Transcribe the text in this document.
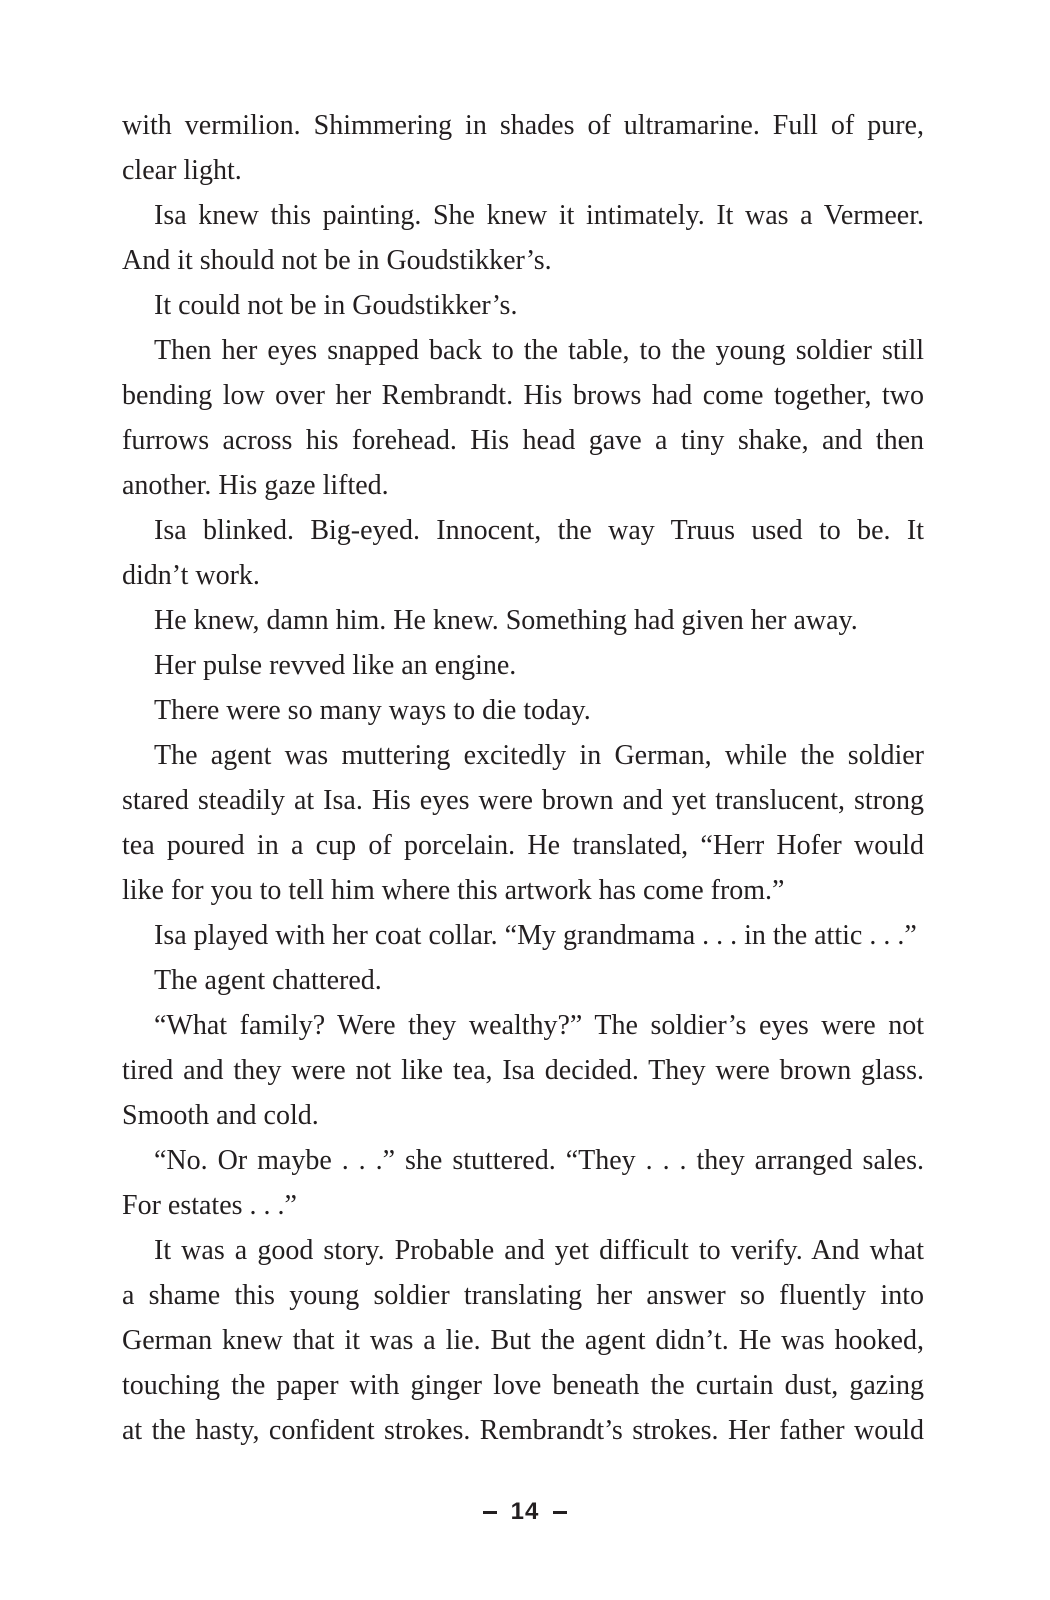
with vermilion. Shimmering in shades of ultramarine. Full of pure,
clear light.
Isa knew this painting. She knew it intimately. It was a Vermeer.
And it should not be in Goudstikker’s.
It could not be in Goudstikker’s.
Then her eyes snapped back to the table, to the young soldier still
bending low over her Rembrandt. His brows had come together, two
furrows across his forehead. His head gave a tiny shake, and then
another. His gaze lifted.
Isa blinked. Big-eyed. Innocent, the way Truus used to be. It
didn’t work.
He knew, damn him. He knew. Something had given her away.
Her pulse revved like an engine.
There were so many ways to die today.
The agent was muttering excitedly in German, while the soldier
stared steadily at Isa. His eyes were brown and yet translucent, strong
tea poured in a cup of porcelain. He translated, “Herr Hofer would
like for you to tell him where this artwork has come from.”
Isa played with her coat collar. “My grandmama . . . in the attic . . .”
The agent chattered.
“What family? Were they wealthy?” The soldier’s eyes were not
tired and they were not like tea, Isa decided. They were brown glass.
Smooth and cold.
“No. Or maybe . . .” she stuttered. “They . . . they arranged sales.
For estates . . .”
It was a good story. Probable and yet difficult to verify. And what
a shame this young soldier translating her answer so fluently into
German knew that it was a lie. But the agent didn’t. He was hooked,
touching the paper with ginger love beneath the curtain dust, gazing
at the hasty, confident strokes. Rembrandt’s strokes. Her father would
14
